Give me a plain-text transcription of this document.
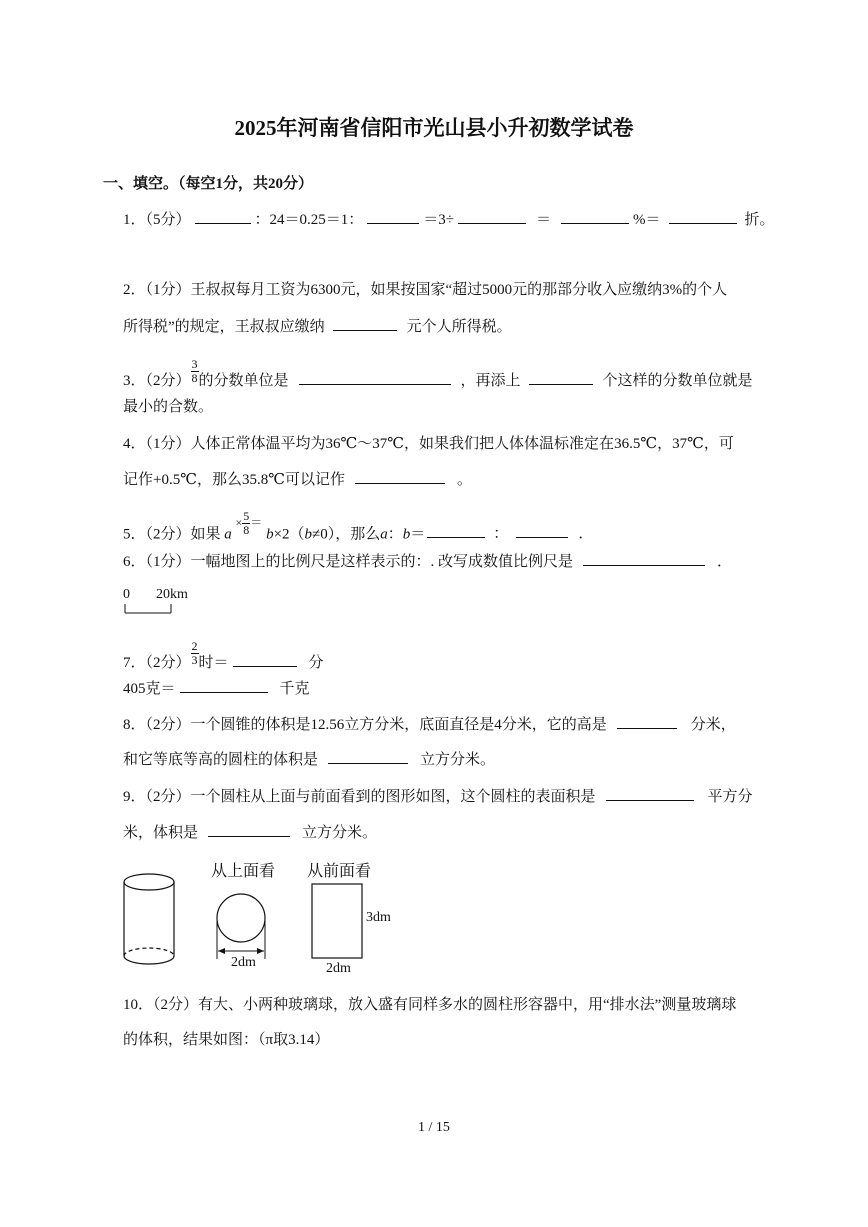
2025年河南省信阳市光山县小升初数学试卷
一、填空。（每空1分，共20分）
1．（5分）	：24＝0.25＝1：	＝3÷	＝	%＝	折。
2．（1分）王叔叔每月工资为6300元，如果按国家“超过5000元的那部分收入应缴纳3%的个人
所得税”的规定，王叔叔应缴纳	元个人所得税。
3．（2分） $\frac{3}{8}$ 的分数单位是	，再添上	个这样的分数单位就是
最小的合数。
4．（1分）人体正常体温平均为36℃～37℃，如果我们把人体体温标准定在36.5℃，37℃，可
记作+0.5℃，那么35.8℃可以记作	。
5．（2分）如果 $a \times \frac{5}{8} = b\times 2(b\ne 0)$，那么a：b＝	：	．
6．（1分）一幅地图上的比例尺是这样表示的：. 改写成数值比例尺是	．
0 20km
7．（2分） $\frac{2}{3}$ 时＝	分
405克＝	千克
8．（2分）一个圆锥的体积是12.56立方分米，底面直径是4分米，它的高是	分米，
和它等底等高的圆柱的体积是	立方分米。
9．（2分）一个圆柱从上面与前面看到的图形如图，这个圆柱的表面积是	平方分
米，体积是	立方分米。
从上面看
2dm
从前面看
3dm
2dm
10．（2分）有大、小两种玻璃球，放入盛有同样多水的圆柱形容器中，用“排水法”测量玻璃球
的体积，结果如图：（π取3.14）
1 / 15
